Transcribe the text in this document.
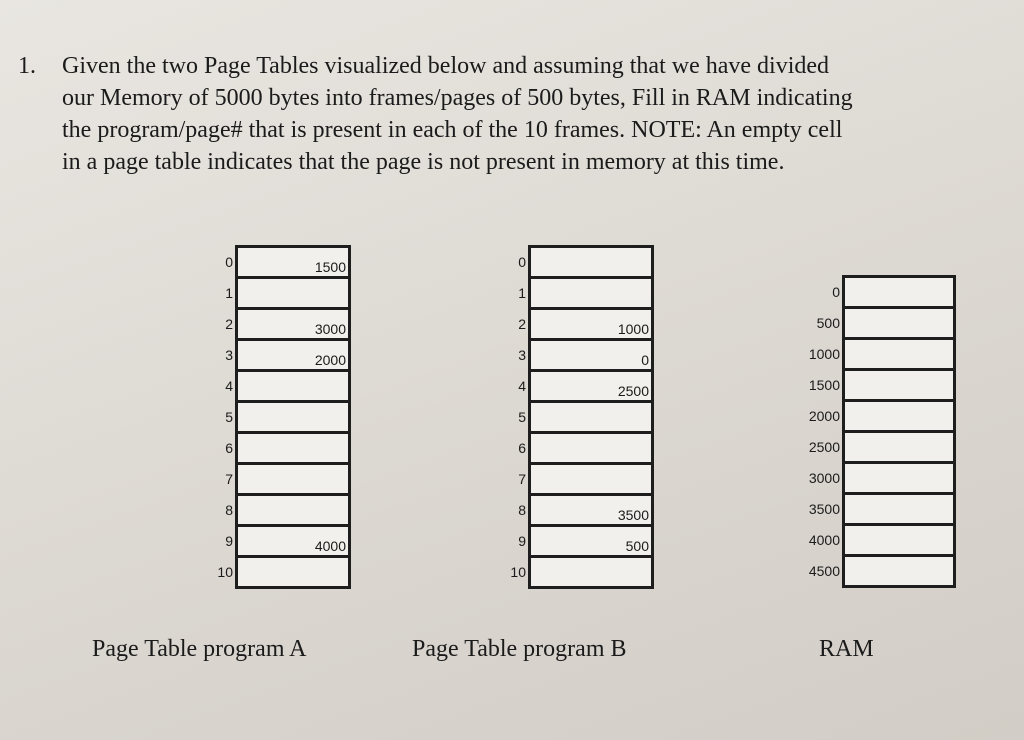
1. Given the two Page Tables visualized below and assuming that we have divided
our Memory of 5000 bytes into frames/pages of 500 bytes, Fill in RAM indicating
the program/page# that is present in each of the 10 frames. NOTE: An empty cell
in a page table indicates that the page is not present in memory at this time.
0	1500
1	
2	3000
3	2000
4	
5	
6	
7	
8	
9	4000
10	
0	
1	
2	1000
3	0
4	2500
5	
6	
7	
8	3500
9	500
10	
0	
500	
1000	
1500	
2000	
2500	
3000	
3500	
4000	
4500	
Page Table program A	Page Table program B	RAM
